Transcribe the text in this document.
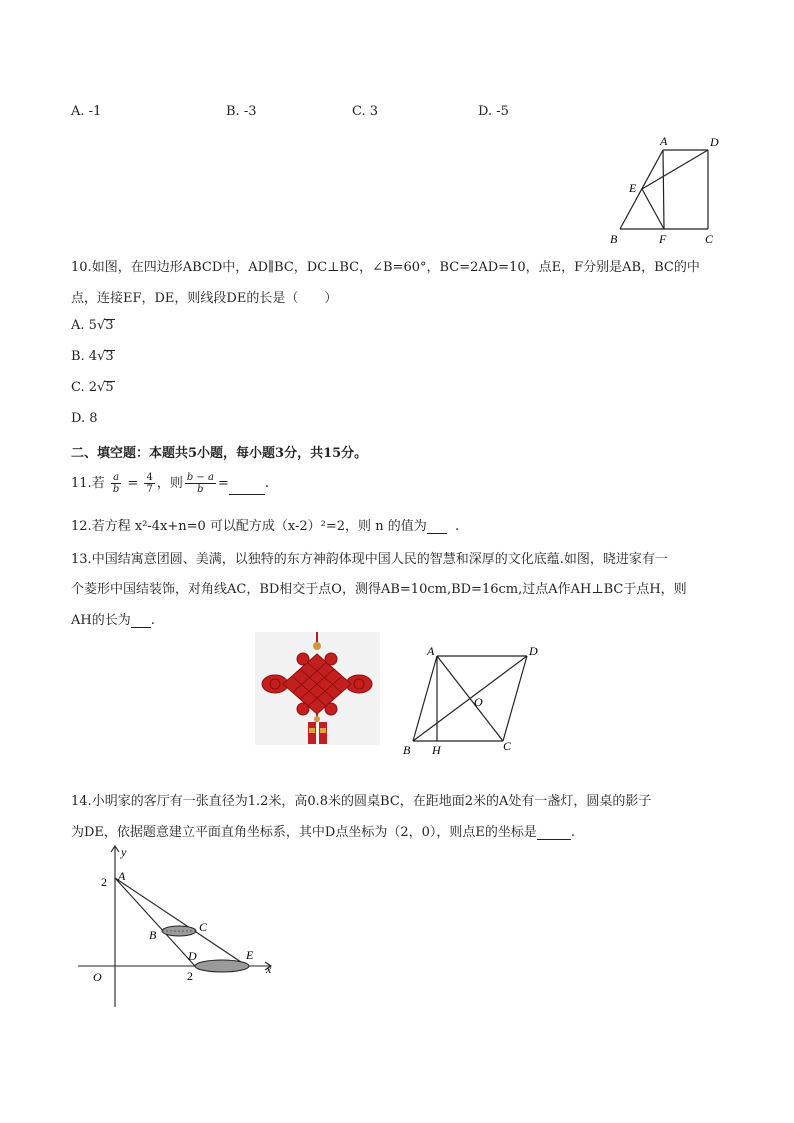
A. -1	B. -3	C. 3	D. -5
A	D
E
B	F	C
10.如图，在四边形ABCD中，AD∥BC，DC⊥BC，∠B=60°，BC=2AD=10，点E，F分别是AB，BC的中
点，连接EF，DE，则线段DE的长是（　　）
A. 5√3
B. 4√3
C. 2√5
D. 8
二、填空题：本题共5小题，每小题3分，共15分。
11.若 $\frac{a}{b} = \frac{4}{7}$ ，则 $\frac{b - a}{b}$ =	.
12.若方程 x²-4x+n=0 可以配方成（x-2）²=2，则 n 的值为 .
13.中国结寓意团圆、美满，以独特的东方神韵体现中国人民的智慧和深厚的文化底蕴.如图，晓进家有一
个菱形中国结装饰，对角线AC，BD相交于点O，测得AB=10cm,BD=16cm,过点A作AH⊥BC于点H，则
AH的长为 .
A	D
O
B H	C
14.小明家的客厅有一张直径为1.2米，高0.8米的圆桌BC，在距地面2米的A处有一盏灯，圆桌的影子
为DE，依据题意建立平面直角坐标系，其中D点坐标为（2，0），则点E的坐标是	.
y
x
O
A
B
C
D	E
2
2
